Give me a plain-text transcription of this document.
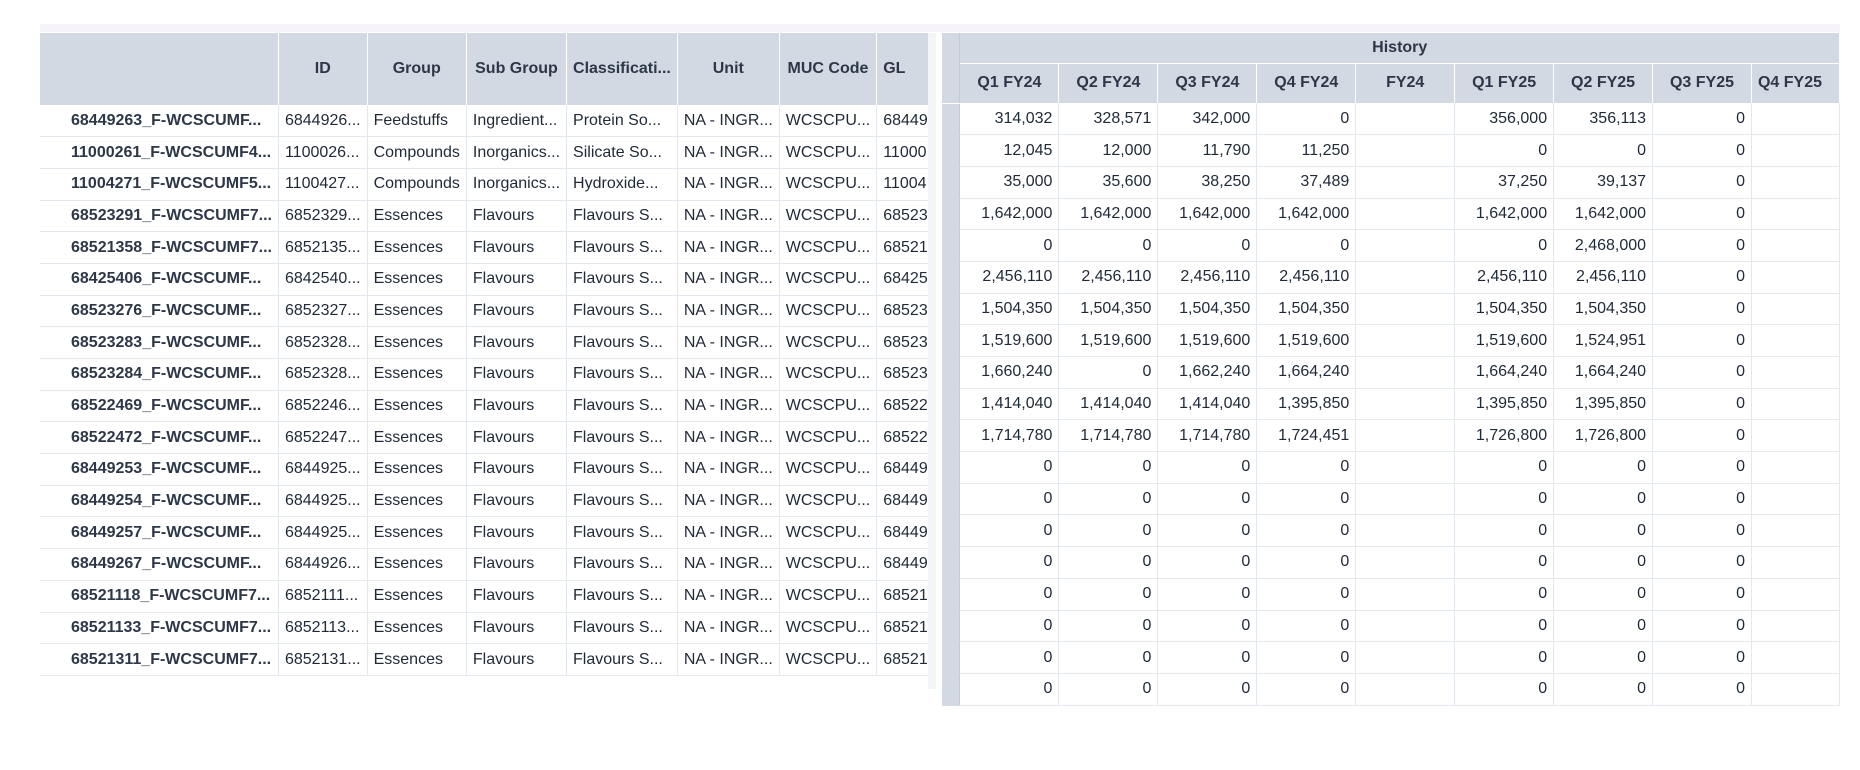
	ID	Group	Sub Group	Classificati...	Unit	MUC Code	GL
68449263_F-WCSCUMF...	6844926...	Feedstuffs	Ingredient...	Protein So...	NA - INGR...	WCSCPU...	68449
11000261_F-WCSCUMF4...	1100026...	Compounds	Inorganics...	Silicate So...	NA - INGR...	WCSCPU...	11000
11004271_F-WCSCUMF5...	1100427...	Compounds	Inorganics...	Hydroxide...	NA - INGR...	WCSCPU...	11004
68523291_F-WCSCUMF7...	6852329...	Essences	Flavours	Flavours S...	NA - INGR...	WCSCPU...	68523
68521358_F-WCSCUMF7...	6852135...	Essences	Flavours	Flavours S...	NA - INGR...	WCSCPU...	68521
68425406_F-WCSCUMF...	6842540...	Essences	Flavours	Flavours S...	NA - INGR...	WCSCPU...	68425
68523276_F-WCSCUMF...	6852327...	Essences	Flavours	Flavours S...	NA - INGR...	WCSCPU...	68523
68523283_F-WCSCUMF...	6852328...	Essences	Flavours	Flavours S...	NA - INGR...	WCSCPU...	68523
68523284_F-WCSCUMF...	6852328...	Essences	Flavours	Flavours S...	NA - INGR...	WCSCPU...	68523
68522469_F-WCSCUMF...	6852246...	Essences	Flavours	Flavours S...	NA - INGR...	WCSCPU...	68522
68522472_F-WCSCUMF...	6852247...	Essences	Flavours	Flavours S...	NA - INGR...	WCSCPU...	68522
68449253_F-WCSCUMF...	6844925...	Essences	Flavours	Flavours S...	NA - INGR...	WCSCPU...	68449
68449254_F-WCSCUMF...	6844925...	Essences	Flavours	Flavours S...	NA - INGR...	WCSCPU...	68449
68449257_F-WCSCUMF...	6844925...	Essences	Flavours	Flavours S...	NA - INGR...	WCSCPU...	68449
68449267_F-WCSCUMF...	6844926...	Essences	Flavours	Flavours S...	NA - INGR...	WCSCPU...	68449
68521118_F-WCSCUMF7...	6852111...	Essences	Flavours	Flavours S...	NA - INGR...	WCSCPU...	68521
68521133_F-WCSCUMF7...	6852113...	Essences	Flavours	Flavours S...	NA - INGR...	WCSCPU...	68521
68521311_F-WCSCUMF7...	6852131...	Essences	Flavours	Flavours S...	NA - INGR...	WCSCPU...	68521
	History								
	Q1 FY24	Q2 FY24	Q3 FY24	Q4 FY24	FY24	Q1 FY25	Q2 FY25	Q3 FY25	Q4 FY25
	314,032	328,571	342,000	0		356,000	356,113	0	
	12,045	12,000	11,790	11,250		0	0	0	
	35,000	35,600	38,250	37,489		37,250	39,137	0	
	1,642,000	1,642,000	1,642,000	1,642,000		1,642,000	1,642,000	0	
	0	0	0	0		0	2,468,000	0	
	2,456,110	2,456,110	2,456,110	2,456,110		2,456,110	2,456,110	0	
	1,504,350	1,504,350	1,504,350	1,504,350		1,504,350	1,504,350	0	
	1,519,600	1,519,600	1,519,600	1,519,600		1,519,600	1,524,951	0	
	1,660,240	0	1,662,240	1,664,240		1,664,240	1,664,240	0	
	1,414,040	1,414,040	1,414,040	1,395,850		1,395,850	1,395,850	0	
	1,714,780	1,714,780	1,714,780	1,724,451		1,726,800	1,726,800	0	
	0	0	0	0		0	0	0	
	0	0	0	0		0	0	0	
	0	0	0	0		0	0	0	
	0	0	0	0		0	0	0	
	0	0	0	0		0	0	0	
	0	0	0	0		0	0	0	
	0	0	0	0		0	0	0	
	0	0	0	0		0	0	0	
